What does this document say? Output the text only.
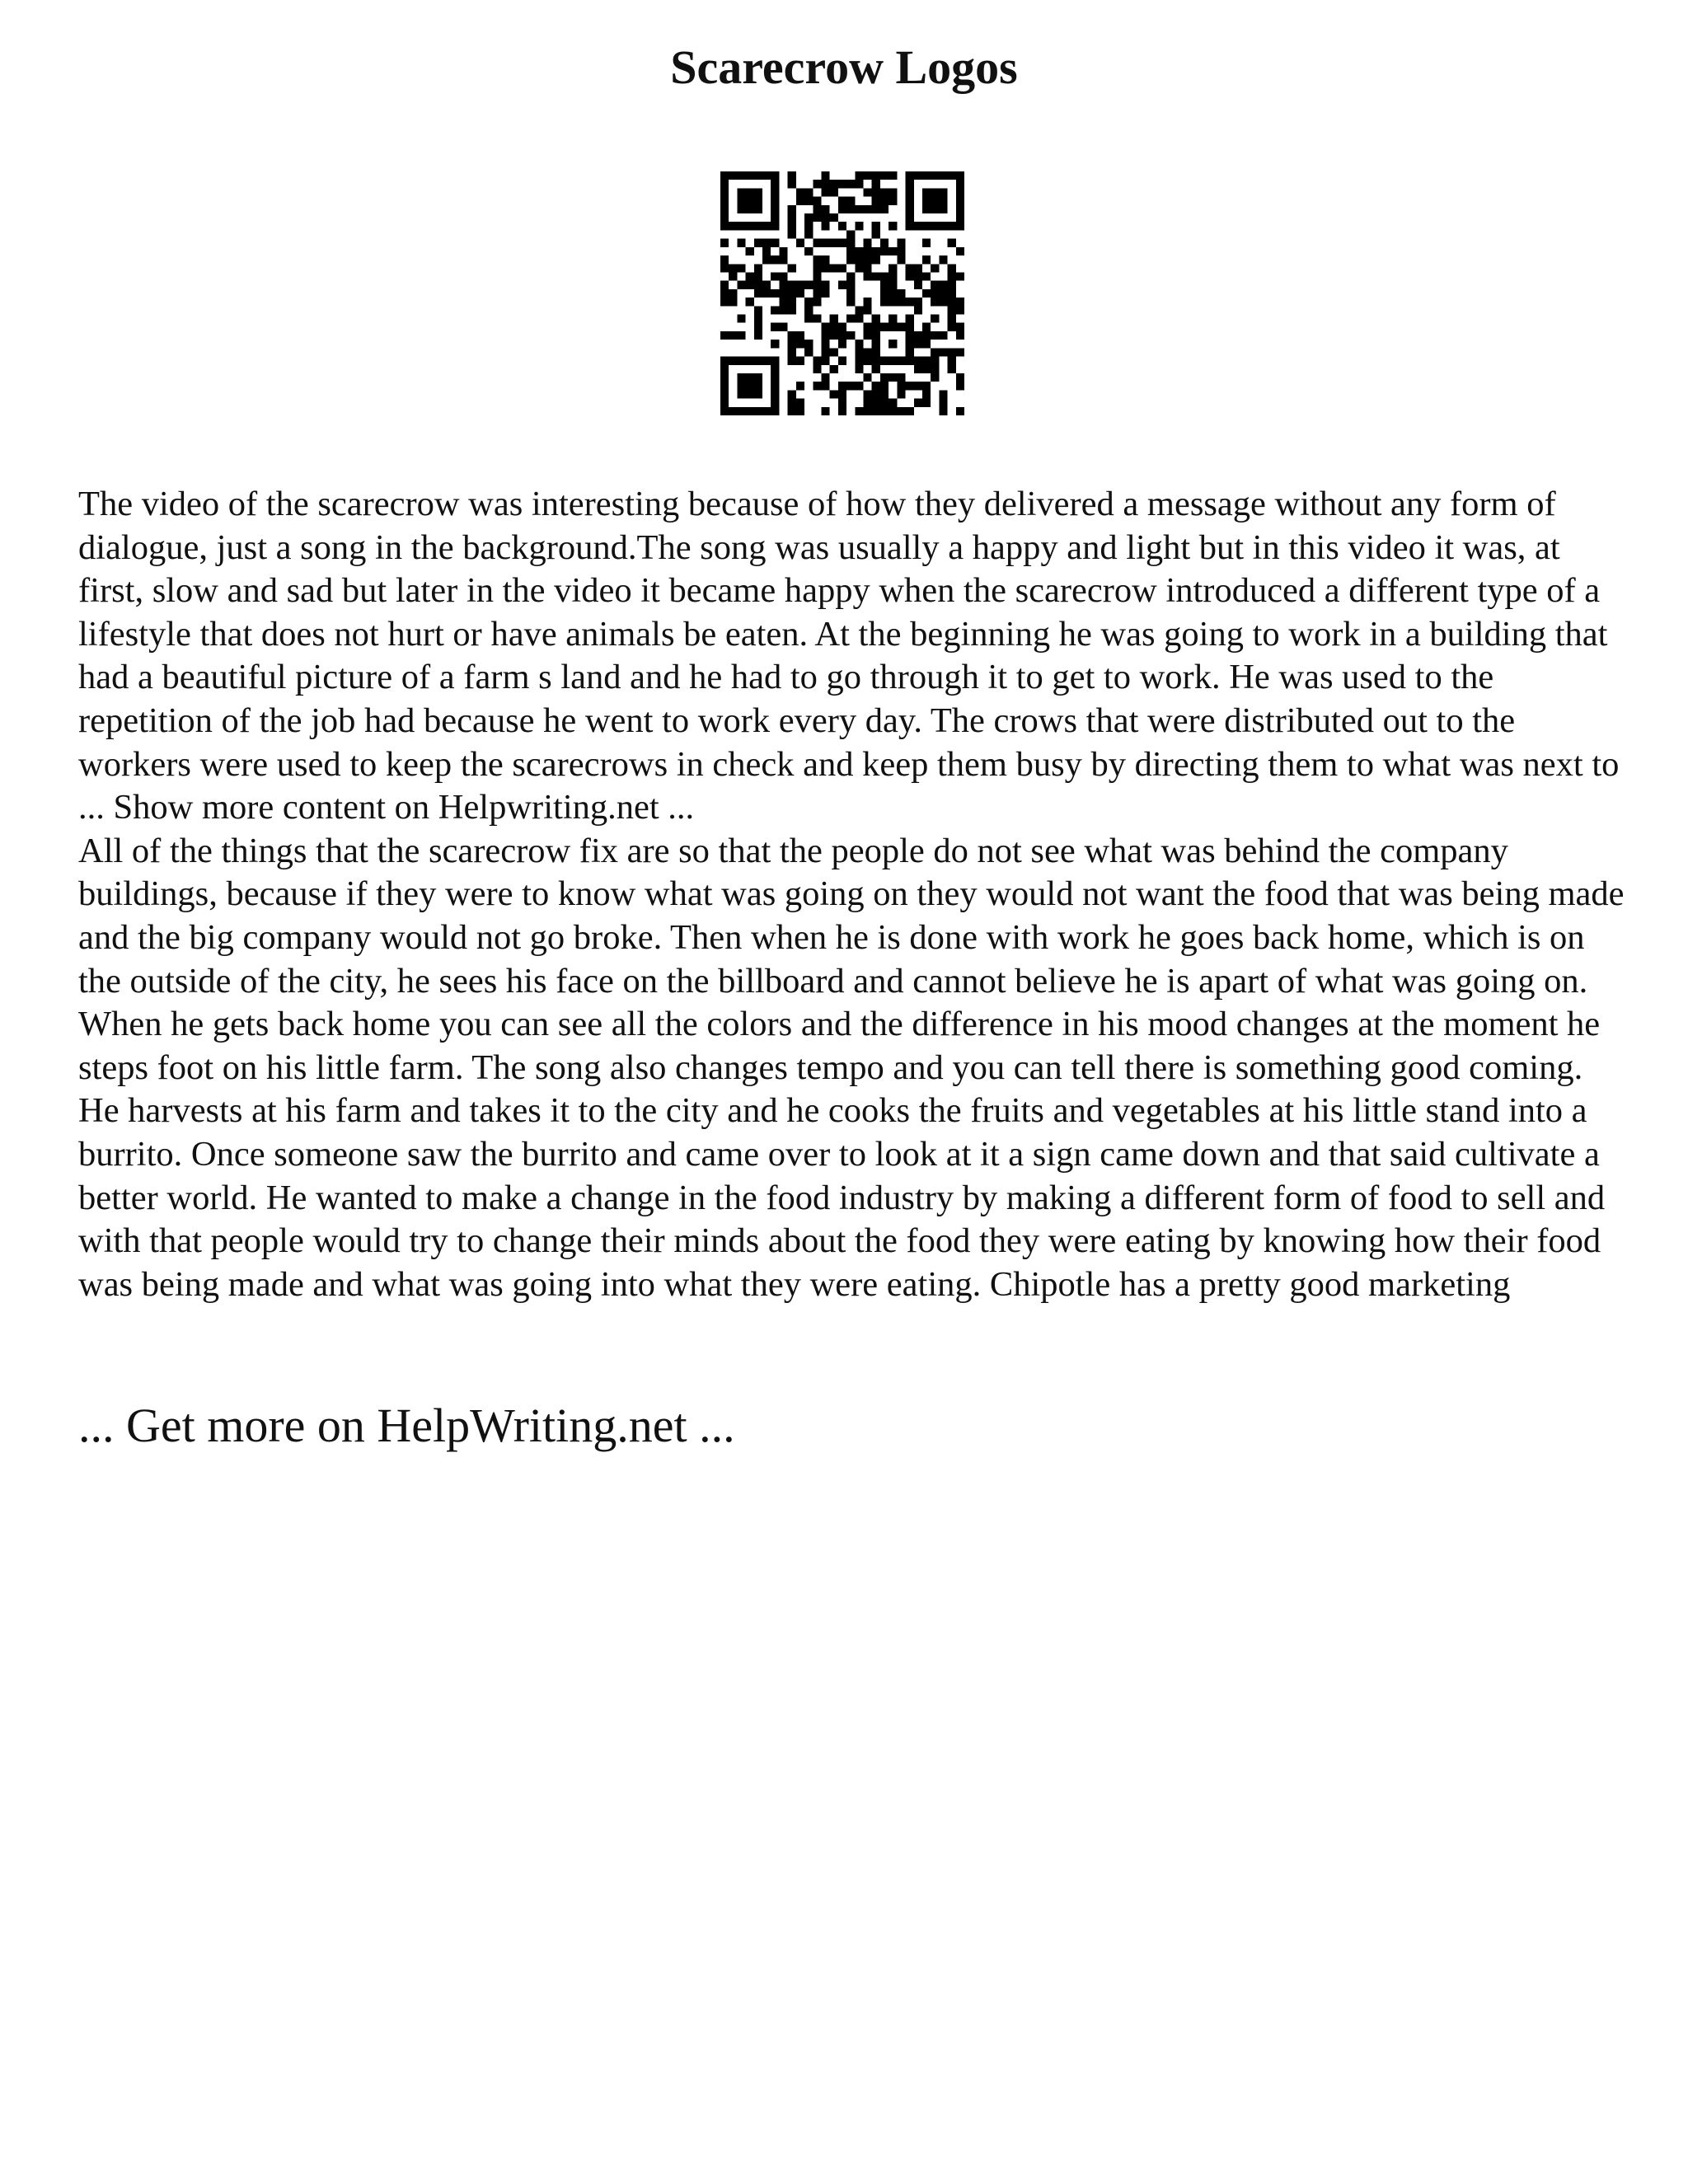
Scarecrow Logos

The video of the scarecrow was interesting because of how they delivered a message without any form of dialogue, just a song in the background.The song was usually a happy and light but in this video it was, at first, slow and sad but later in the video it became happy when the scarecrow introduced a different type of a lifestyle that does not hurt or have animals be eaten. At the beginning he was going to work in a building that had a beautiful picture of a farm s land and he had to go through it to get to work. He was used to the repetition of the job had because he went to work every day. The crows that were distributed out to the workers were used to keep the scarecrows in check and keep them busy by directing them to what was next to ... Show more content on Helpwriting.net ...

All of the things that the scarecrow fix are so that the people do not see what was behind the company buildings, because if they were to know what was going on they would not want the food that was being made and the big company would not go broke. Then when he is done with work he goes back home, which is on the outside of the city, he sees his face on the billboard and cannot believe he is apart of what was going on. When he gets back home you can see all the colors and the difference in his mood changes at the moment he steps foot on his little farm. The song also changes tempo and you can tell there is something good coming. He harvests at his farm and takes it to the city and he cooks the fruits and vegetables at his little stand into a burrito. Once someone saw the burrito and came over to look at it a sign came down and that said cultivate a better world. He wanted to make a change in the food industry by making a different form of food to sell and with that people would try to change their minds about the food they were eating by knowing how their food was being made and what was going into what they were eating. Chipotle has a pretty good marketing

... Get more on HelpWriting.net ...
